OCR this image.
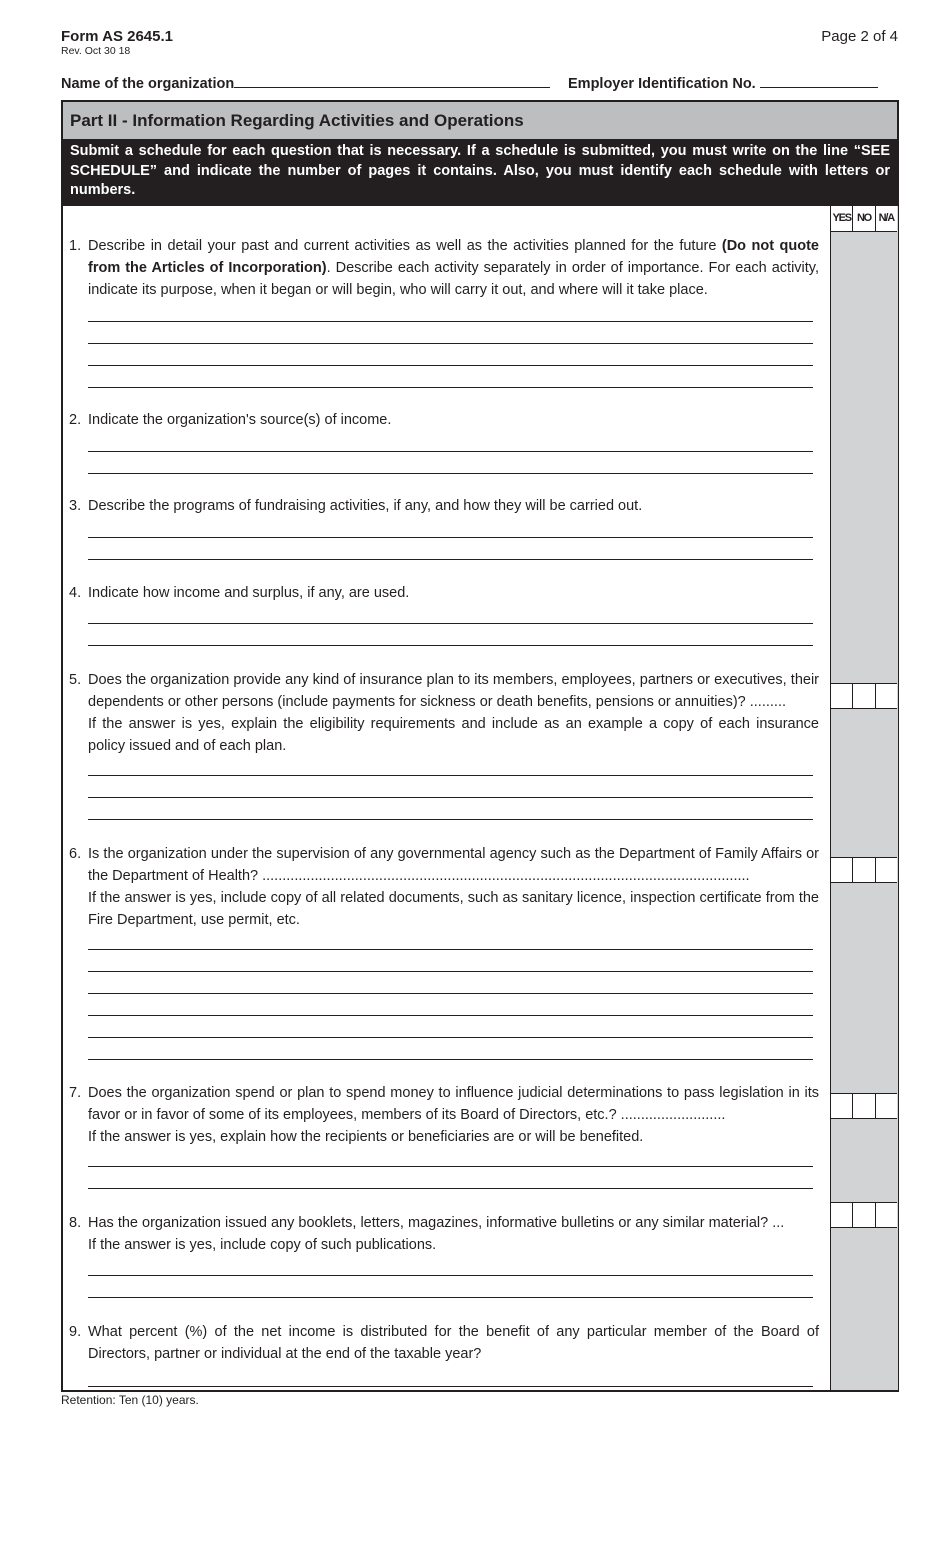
Form AS 2645.1
Rev. Oct 30 18
Page 2 of 4
Name of the organization	Employer Identification No.
Part II - Information Regarding Activities and Operations
Submit a schedule for each question that is necessary. If a schedule is submitted, you must write on the line “SEE SCHEDULE” and indicate the number of pages it contains. Also, you must identify each schedule with letters or numbers.
YES NO N/A
1. Describe in detail your past and current activities as well as the activities planned for the future (Do not quote from the Articles of Incorporation). Describe each activity separately in order of importance. For each activity, indicate its purpose, when it began or will begin, who will carry it out, and where will it take place.
2. Indicate the organization's source(s) of income.
3. Describe the programs of fundraising activities, if any, and how they will be carried out.
4. Indicate how income and surplus, if any, are used.
5. Does the organization provide any kind of insurance plan to its members, employees, partners or executives, their dependents or other persons (include payments for sickness or death benefits, pensions or annuities)? .........
If the answer is yes, explain the eligibility requirements and include as an example a copy of each insurance policy issued and of each plan.
6. Is the organization under the supervision of any governmental agency such as the Department of Family Affairs or the Department of Health? .........................................................................................................................
If the answer is yes, include copy of all related documents, such as sanitary licence, inspection certificate from the Fire Department, use permit, etc.
7. Does the organization spend or plan to spend money to influence judicial determinations to pass legislation in its favor or in favor of some of its employees, members of its Board of Directors, etc.? ..........................
If the answer is yes, explain how the recipients or beneficiaries are or will be benefited.
8. Has the organization issued any booklets, letters, magazines, informative bulletins or any similar material? ...
If the answer is yes, include copy of such publications.
9. What percent (%) of the net income is distributed for the benefit of any particular member of the Board of Directors, partner or individual at the end of the taxable year?
Retention: Ten (10) years.
